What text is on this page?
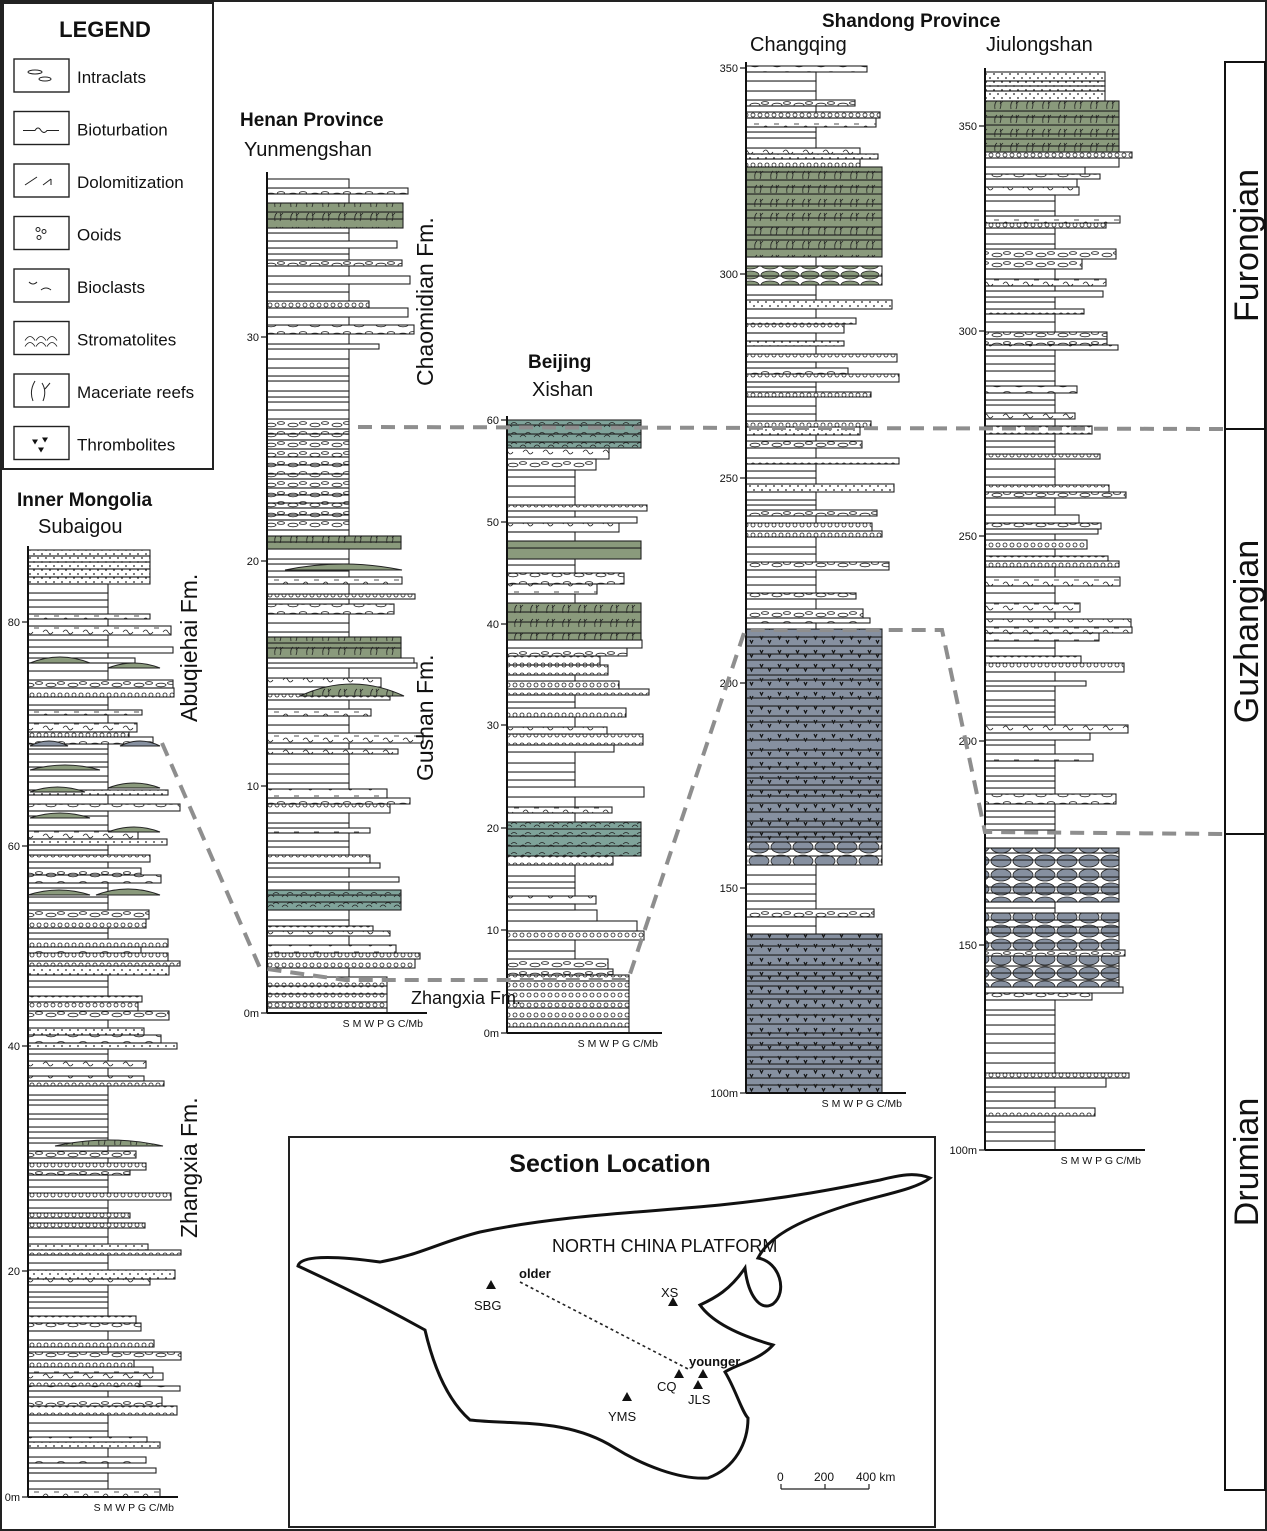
LEGEND
Intraclats
Bioturbation
Dolomitization
Ooids
Bioclasts
Stromatolites
Maceriate reefs
Thrombolites
0m
20
40
60
80
S M W P G C/Mb
0m
10
20
30
S M W P G C/Mb
0m
10
20
30
40
50
60
S M W P G C/Mb
100m
150
200
250
300
350
S M W P G C/Mb
100m
150
200
250
300
350
S M W P G C/Mb
Furongian
Guzhangian
Drumian
Inner Mongolia
Subaigou
Henan Province
Yunmengshan
Beijing
Xishan
Shandong Province
Changqing	Jiulongshan
Abuqiehai Fm.
Zhangxia Fm.
Chaomidian Fm.
Gushan Fm.
Zhangxia Fm.
Section Location
NORTH CHINA PLATFORM
older
younger
SBG
XS
CQ
JLS
YMS
0	200 400 km
